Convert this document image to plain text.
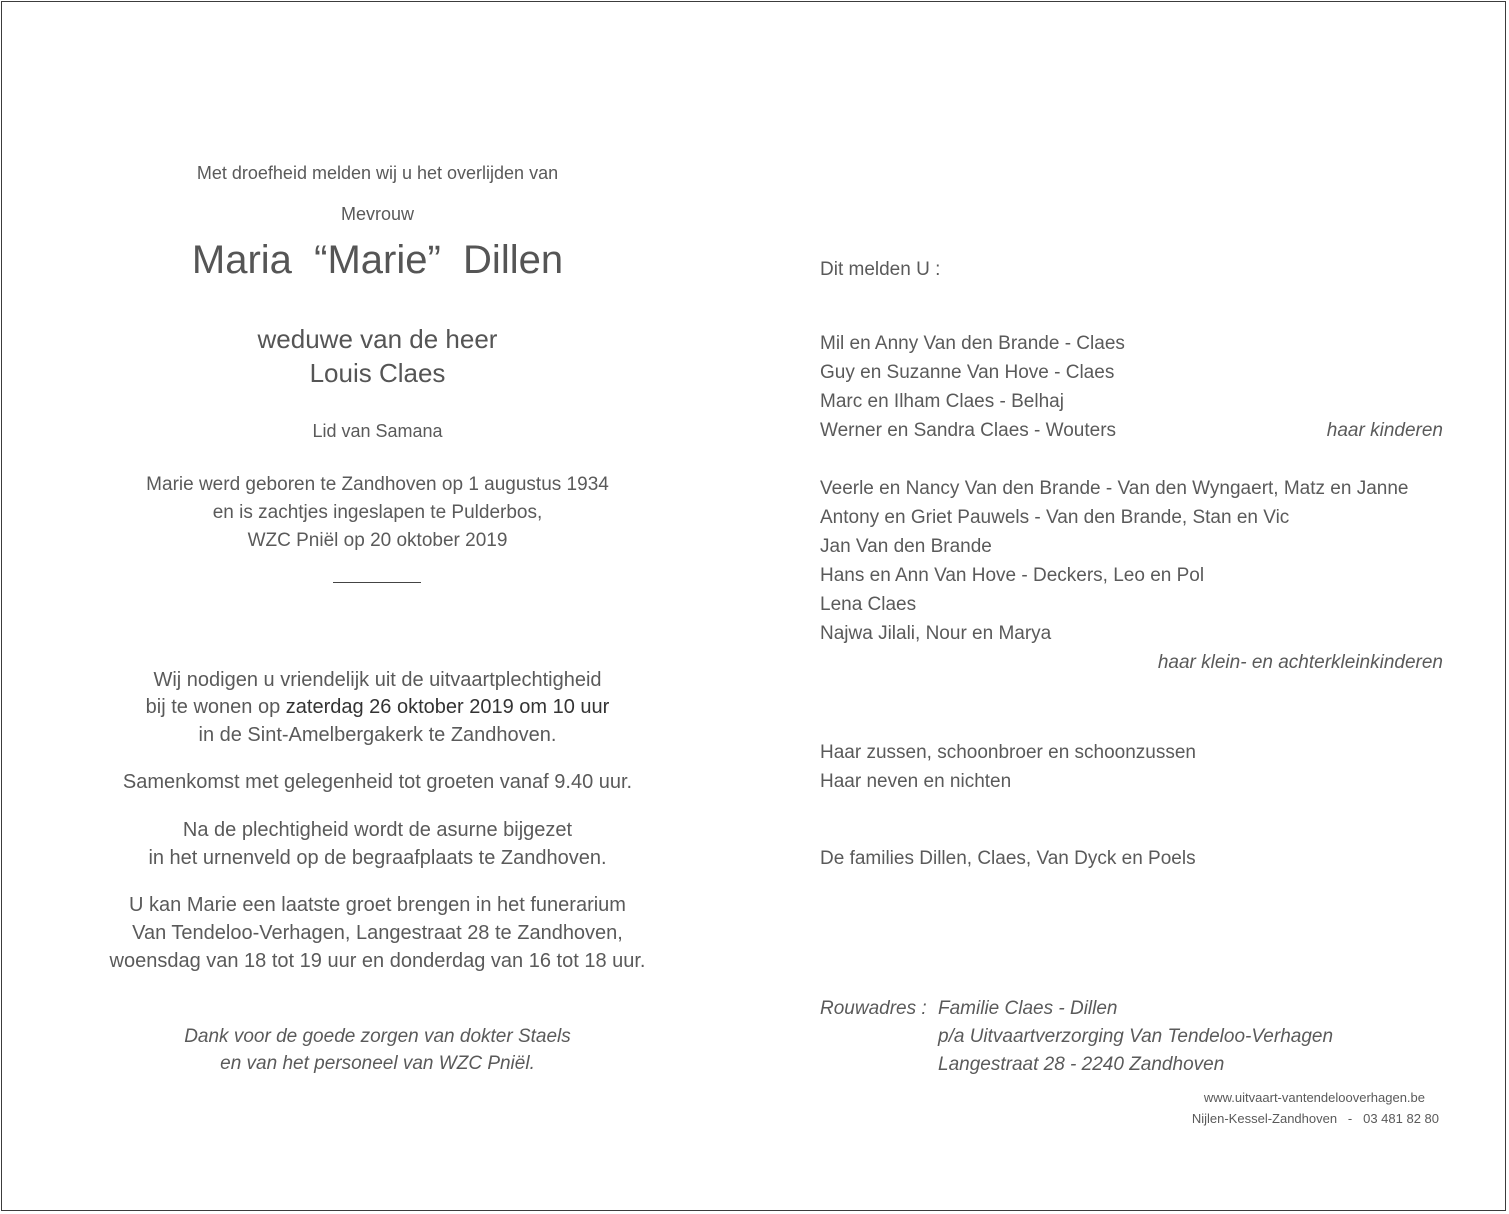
Met droefheid melden wij u het overlijden van
Mevrouw
Maria  “Marie”  Dillen
weduwe van de heer
Louis Claes
Lid van Samana
Marie werd geboren te Zandhoven op 1 augustus 1934
en is zachtjes ingeslapen te Pulderbos,
WZC Pniël op 20 oktober 2019
Wij nodigen u vriendelijk uit de uitvaartplechtigheid
bij te wonen op zaterdag 26 oktober 2019 om 10 uur
in de Sint-Amelbergakerk te Zandhoven.
Samenkomst met gelegenheid tot groeten vanaf 9.40 uur.
Na de plechtigheid wordt de asurne bijgezet
in het urnenveld op de begraafplaats te Zandhoven.
U kan Marie een laatste groet brengen in het funerarium
Van Tendeloo-Verhagen, Langestraat 28 te Zandhoven,
woensdag van 18 tot 19 uur en donderdag van 16 tot 18 uur.
Dank voor de goede zorgen van dokter Staels
en van het personeel van WZC Pniël.
Dit melden U :
Mil en Anny Van den Brande - Claes
Guy en Suzanne Van Hove - Claes
Marc en Ilham Claes - Belhaj
Werner en Sandra Claes - Wouters	haar kinderen
Veerle en Nancy Van den Brande - Van den Wyngaert, Matz en Janne
Antony en Griet Pauwels - Van den Brande, Stan en Vic
Jan Van den Brande
Hans en Ann Van Hove - Deckers, Leo en Pol
Lena Claes
Najwa Jilali, Nour en Marya
haar klein- en achterkleinkinderen
Haar zussen, schoonbroer en schoonzussen
Haar neven en nichten
De families Dillen, Claes, Van Dyck en Poels
Rouwadres : Familie Claes - Dillen
p/a Uitvaartverzorging Van Tendeloo-Verhagen
Langestraat 28 - 2240 Zandhoven
www.uitvaart-vantendelooverhagen.be
Nijlen-Kessel-Zandhoven   -   03 481 82 80
